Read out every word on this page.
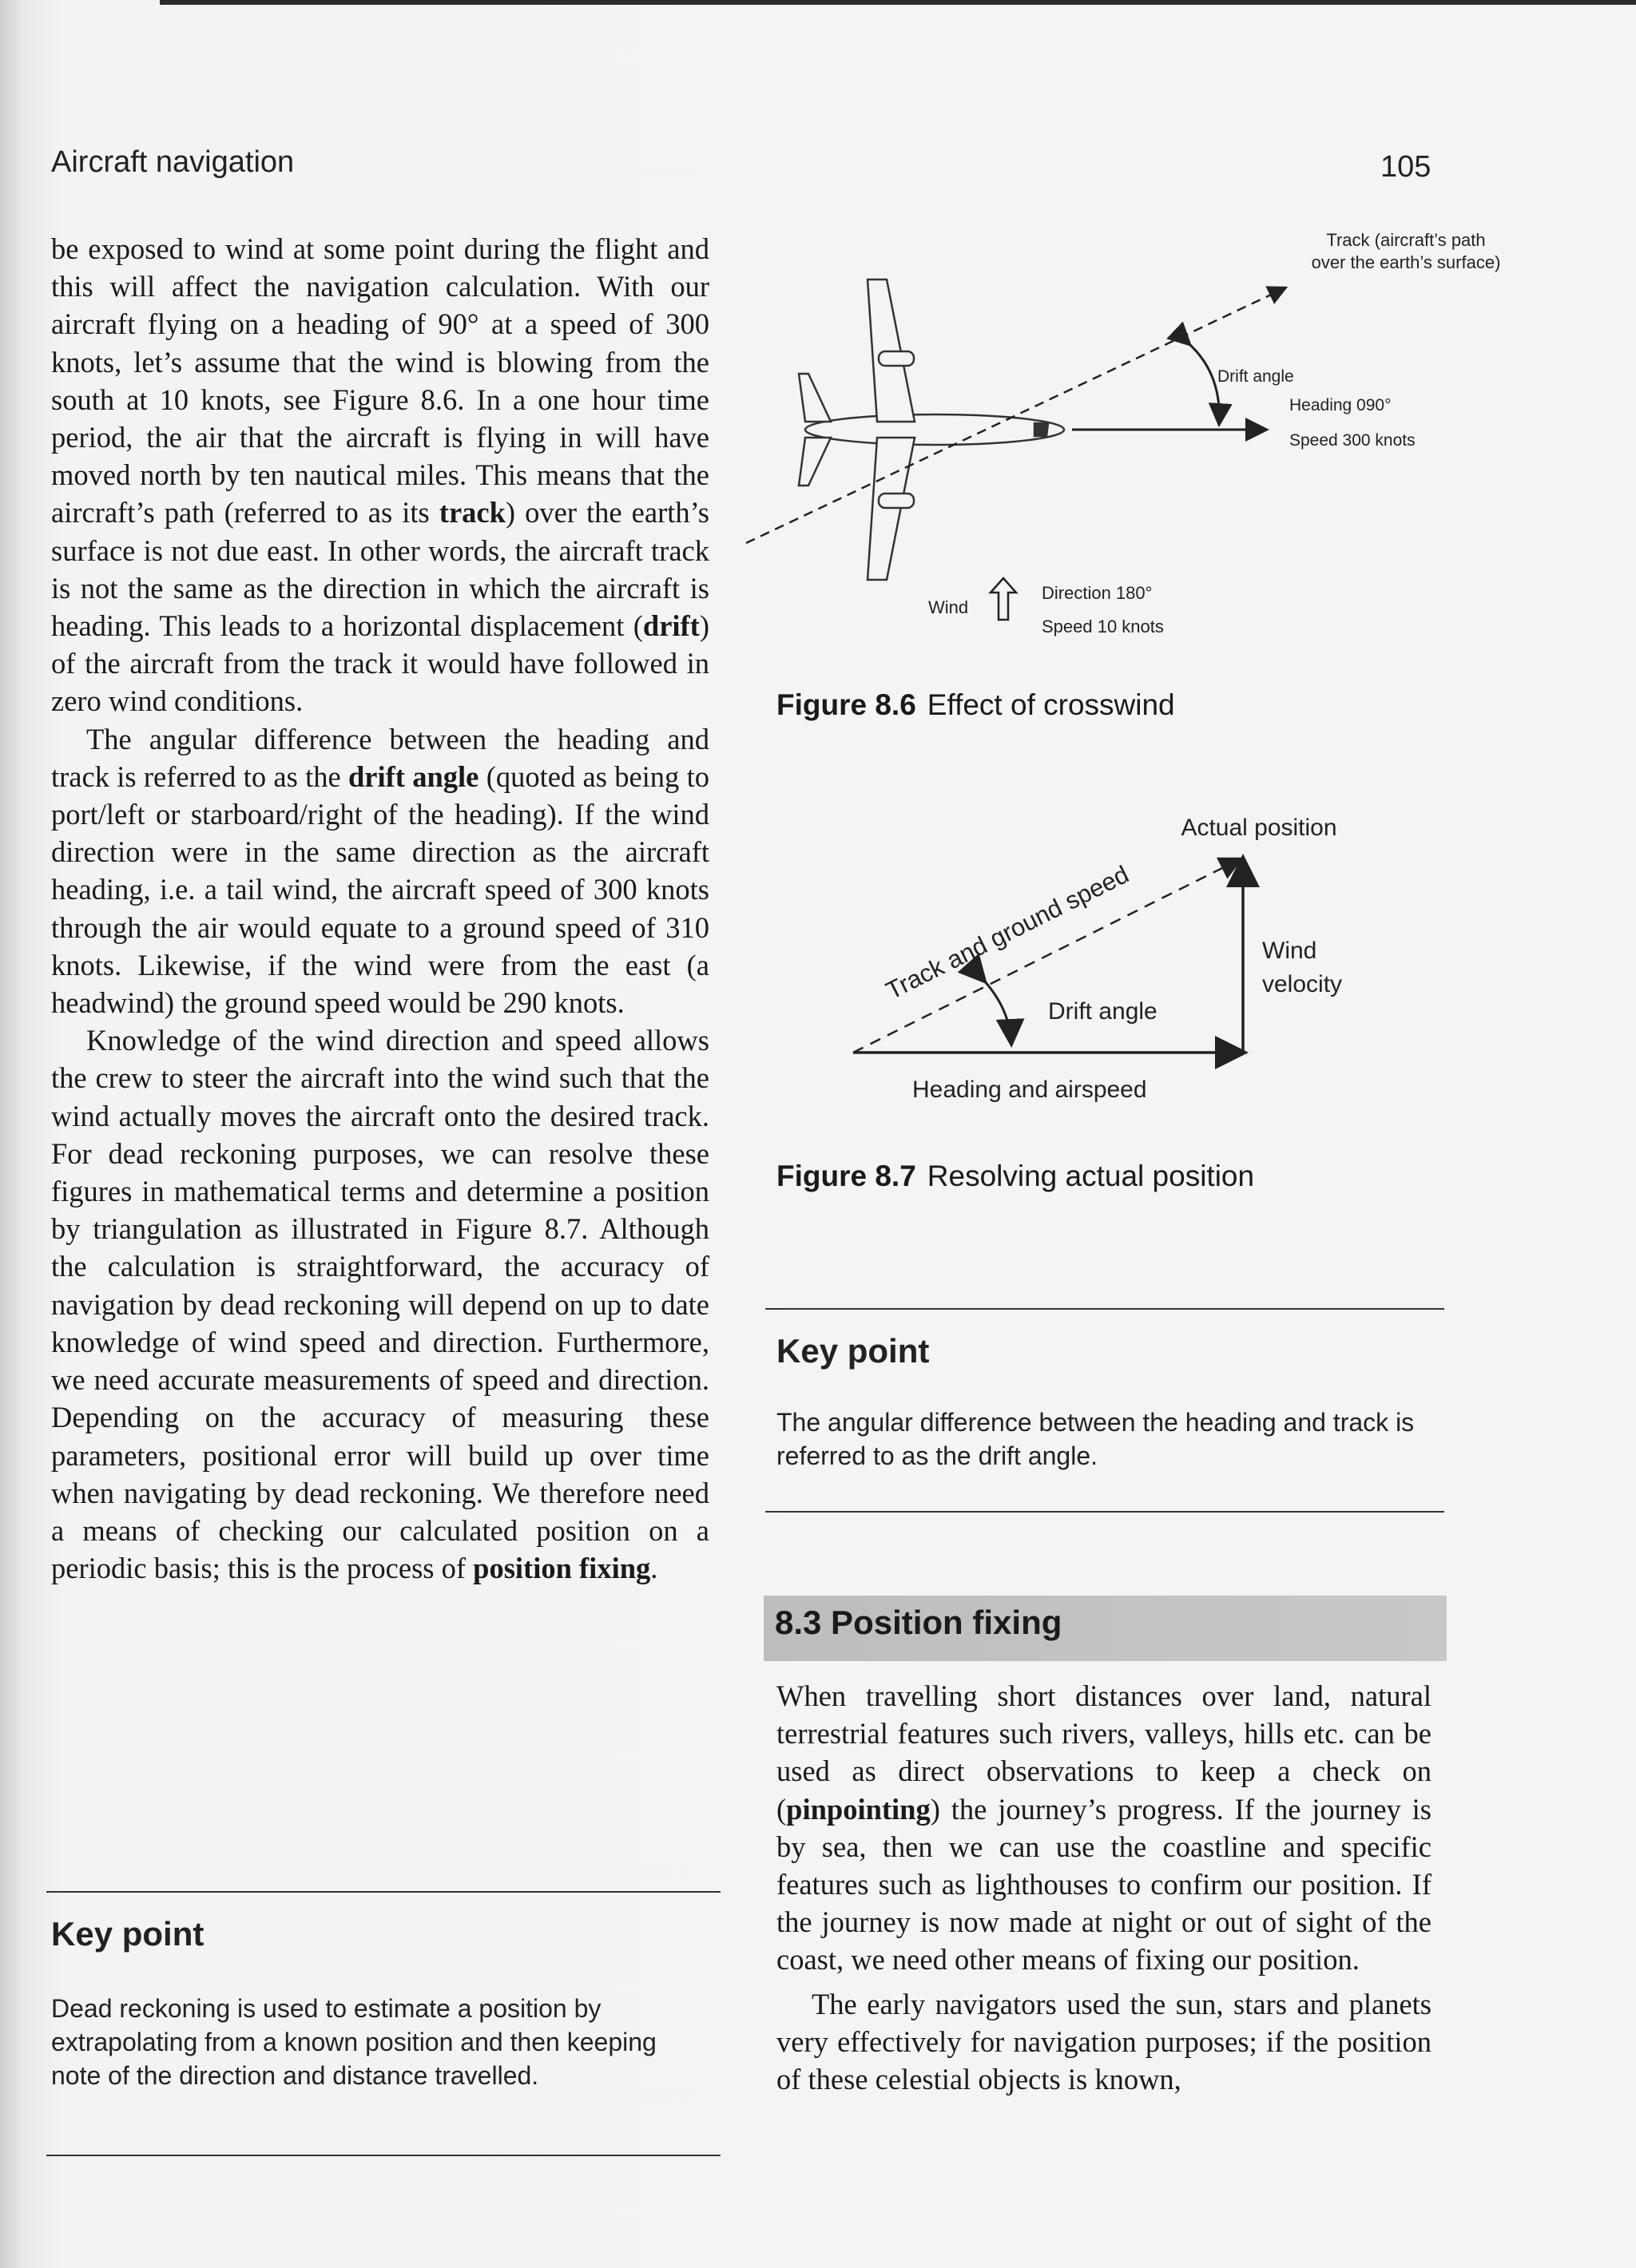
Aircraft navigation	105

be exposed to wind at some point during the flight and this will affect the navigation calculation. With our aircraft flying on a heading of 90° at a speed of 300 knots, let’s assume that the wind is blowing from the south at 10 knots, see Figure 8.6. In a one hour time period, the air that the aircraft is flying in will have moved north by ten nautical miles. This means that the aircraft’s path (referred to as its track) over the earth’s surface is not due east. In other words, the aircraft track is not the same as the direction in which the aircraft is heading. This leads to a horizontal displacement (drift) of the aircraft from the track it would have followed in zero wind conditions.

The angular difference between the heading and track is referred to as the drift angle (quoted as being to port/left or starboard/right of the heading). If the wind direction were in the same direction as the aircraft heading, i.e. a tail wind, the aircraft speed of 300 knots through the air would equate to a ground speed of 310 knots. Likewise, if the wind were from the east (a headwind) the ground speed would be 290 knots.

Knowledge of the wind direction and speed allows the crew to steer the aircraft into the wind such that the wind actually moves the aircraft onto the desired track. For dead reckoning purposes, we can resolve these figures in mathematical terms and determine a position by triangulation as illustrated in Figure 8.7. Although the calculation is straightforward, the accuracy of navigation by dead reckoning will depend on up to date knowledge of wind speed and direction. Furthermore, we need accurate measurements of speed and direction. Depending on the accuracy of measuring these parameters, positional error will build up over time when navigating by dead reckoning. We therefore need a means of checking our calculated position on a periodic basis; this is the process of position fixing.

Key point
Dead reckoning is used to estimate a position by extrapolating from a known position and then keeping note of the direction and distance travelled.
Track (aircraft’s path
over the earth’s surface)
Drift angle
Heading 090°
Speed 300 knots
Wind
Direction 180°
Speed 10 knots
Figure 8.6 Effect of crosswind
Actual position
Track and ground speed	Wind
velocity
Drift angle
Heading and airspeed
Figure 8.7 Resolving actual position
Key point
The angular difference between the heading and track is referred to as the drift angle.
8.3 Position fixing

When travelling short distances over land, natural terrestrial features such rivers, valleys, hills etc. can be used as direct observations to keep a check on (pinpointing) the journey’s progress. If the journey is by sea, then we can use the coastline and specific features such as lighthouses to confirm our position. If the journey is now made at night or out of sight of the coast, we need other means of fixing our position.

The early navigators used the sun, stars and planets very effectively for navigation purposes; if the position of these celestial objects is known,
